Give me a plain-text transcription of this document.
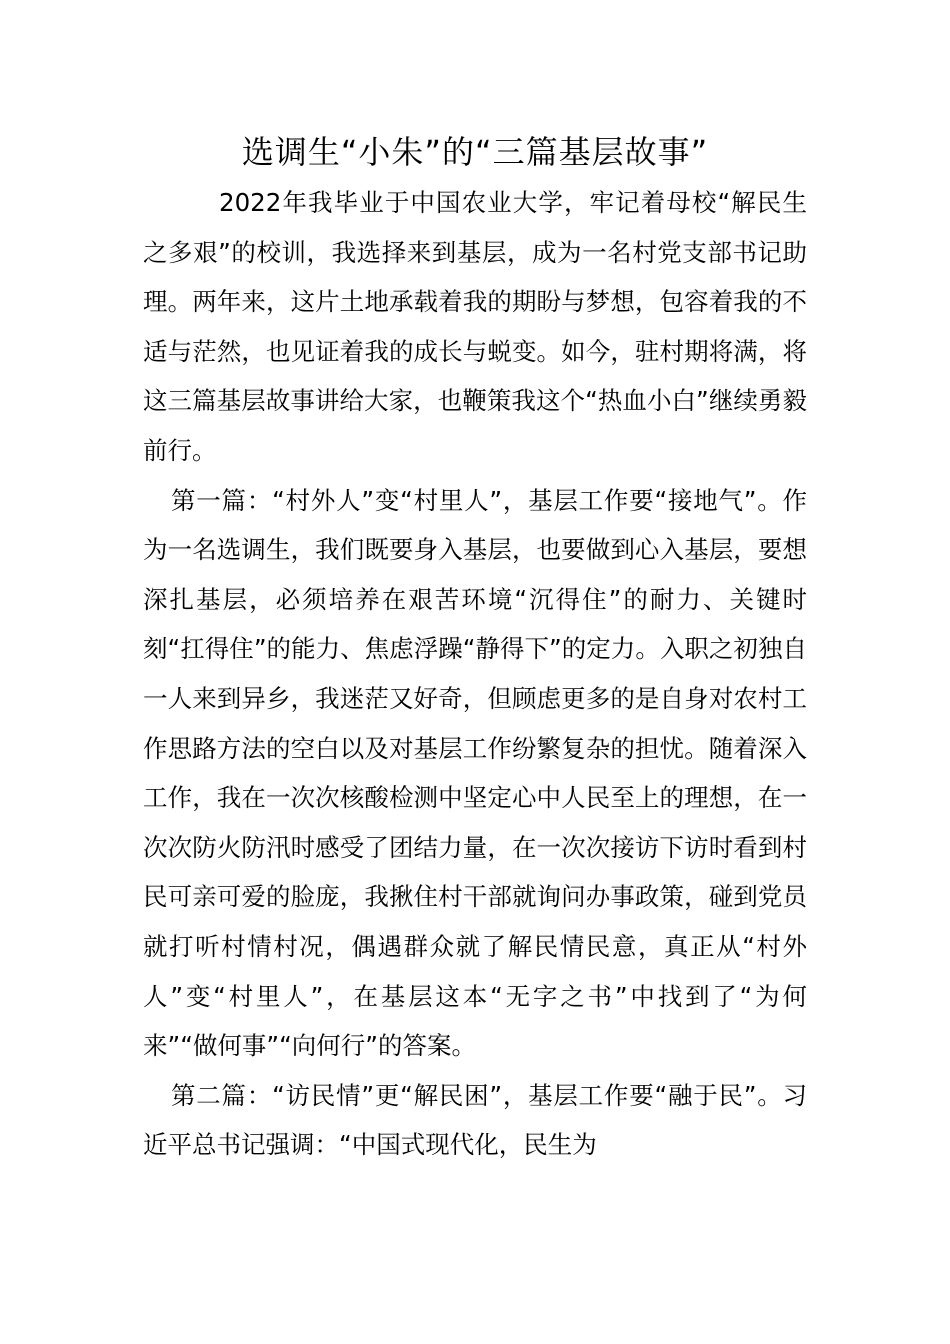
选调生“小朱”的“三篇基层故事”

2022年我毕业于中国农业大学，牢记着母校“解民生之多艰”的校训，我选择来到基层，成为一名村党支部书记助理。两年来，这片土地承载着我的期盼与梦想，包容着我的不适与茫然，也见证着我的成长与蜕变。如今，驻村期将满，将这三篇基层故事讲给大家，也鞭策我这个“热血小白”继续勇毅前行。

第一篇：“村外人”变“村里人”，基层工作要“接地气”。作为一名选调生，我们既要身入基层，也要做到心入基层，要想深扎基层，必须培养在艰苦环境“沉得住”的耐力、关键时刻“扛得住”的能力、焦虑浮躁“静得下”的定力。入职之初独自一人来到异乡，我迷茫又好奇，但顾虑更多的是自身对农村工作思路方法的空白以及对基层工作纷繁复杂的担忧。随着深入工作，我在一次次核酸检测中坚定心中人民至上的理想，在一次次防火防汛时感受了团结力量，在一次次接访下访时看到村民可亲可爱的脸庞，我揪住村干部就询问办事政策，碰到党员就打听村情村况，偶遇群众就了解民情民意，真正从“村外人”变“村里人”，在基层这本“无字之书”中找到了“为何来”“做何事”“向何行”的答案。

第二篇：“访民情”更“解民困”，基层工作要“融于民”。习近平总书记强调：“中国式现代化，民生为
